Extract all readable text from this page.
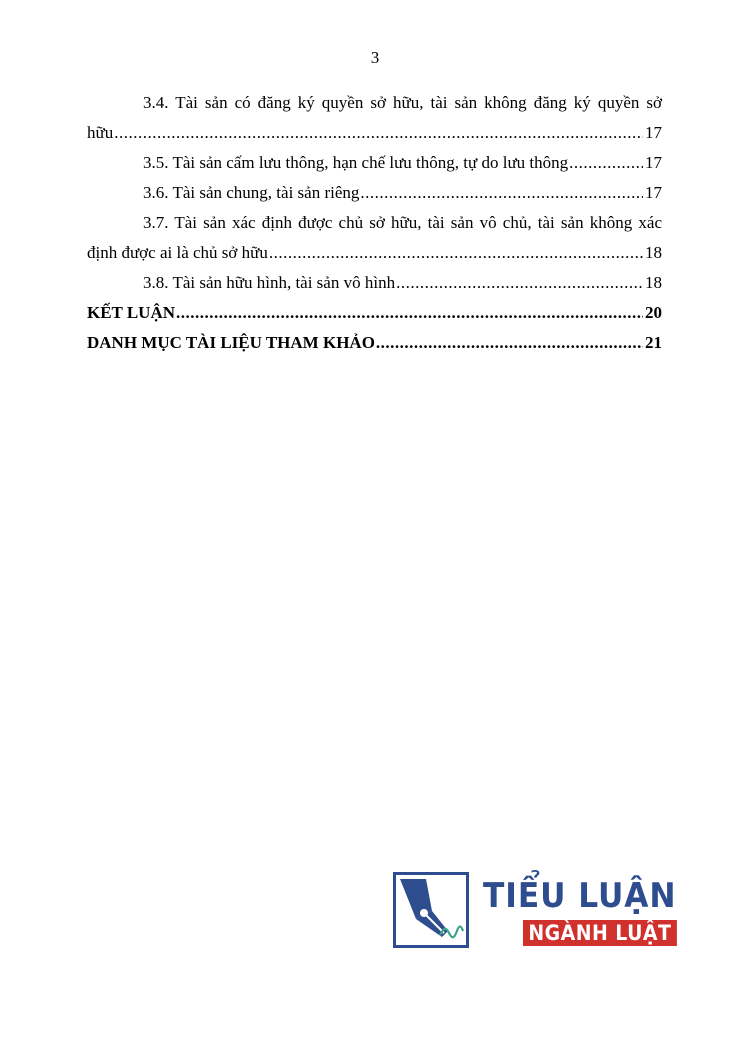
3
3.4. Tài sản có đăng ký quyền sở hữu, tài sản không đăng ký quyền sở
hữu .....	17
3.5. Tài sản cấm lưu thông, hạn chế lưu thông, tự do lưu thông .....	17
3.6. Tài sản chung, tài sản riêng .....	17
3.7. Tài sản xác định được chủ sở hữu, tài sản vô chủ, tài sản không xác
định được ai là chủ sở hữu .....	18
3.8. Tài sản hữu hình, tài sản vô hình .....	18
KẾT LUẬN .....	20
DANH MỤC TÀI LIỆU THAM KHẢO .....	21
TIỂU LUẬN
NGÀNH LUẬT
